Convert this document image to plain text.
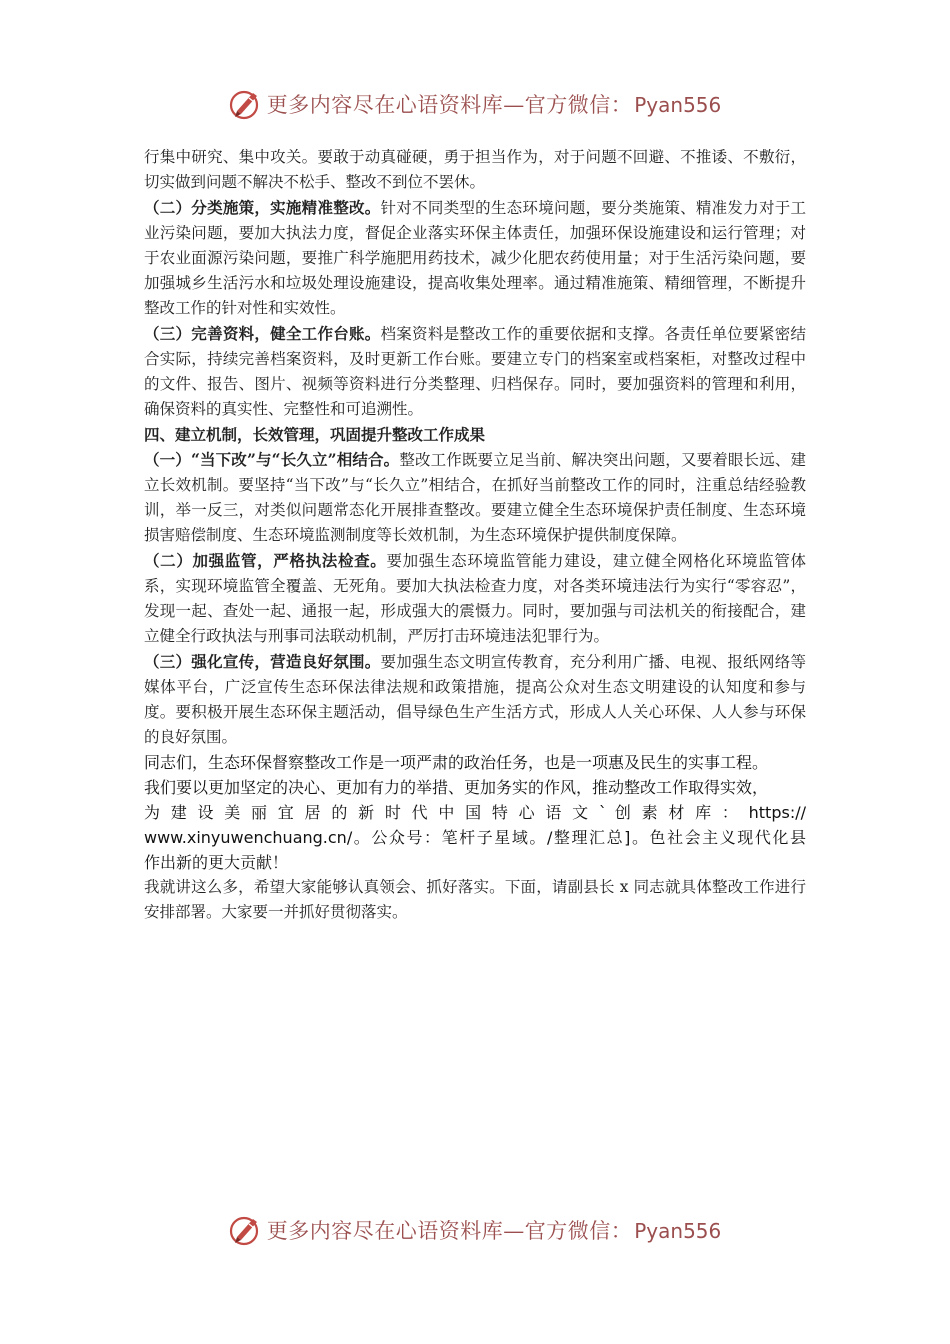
更多内容尽在心语资料库—官方微信： Pyan556

行集中研究、集中攻关。要敢于动真碰硬，勇于担当作为，对于问题不回避、不推诿、不敷衍，切实做到问题不解决不松手、整改不到位不罢休。

（二）分类施策，实施精准整改。针对不同类型的生态环境问题，要分类施策、精准发力对于工业污染问题，要加大执法力度，督促企业落实环保主体责任，加强环保设施建设和运行管理；对于农业面源污染问题，要推广科学施肥用药技术，减少化肥农药使用量；对于生活污染问题，要加强城乡生活污水和垃圾处理设施建设，提高收集处理率。通过精准施策、精细管理，不断提升整改工作的针对性和实效性。

（三）完善资料，健全工作台账。档案资料是整改工作的重要依据和支撑。各责任单位要紧密结合实际，持续完善档案资料，及时更新工作台账。要建立专门的档案室或档案柜，对整改过程中的文件、报告、图片、视频等资料进行分类整理、归档保存。同时，要加强资料的管理和利用，确保资料的真实性、完整性和可追溯性。

四、建立机制，长效管理，巩固提升整改工作成果

（一）“当下改”与“长久立”相结合。整改工作既要立足当前、解决突出问题，又要着眼长远、建立长效机制。要坚持“当下改”与“长久立”相结合，在抓好当前整改工作的同时，注重总结经验教训，举一反三，对类似问题常态化开展排查整改。要建立健全生态环境保护责任制度、生态环境损害赔偿制度、生态环境监测制度等长效机制，为生态环境保护提供制度保障。

（二）加强监管，严格执法检查。要加强生态环境监管能力建设，建立健全网格化环境监管体系，实现环境监管全覆盖、无死角。要加大执法检查力度，对各类环境违法行为实行“零容忍”，发现一起、查处一起、通报一起，形成强大的震慑力。同时，要加强与司法机关的衔接配合，建立健全行政执法与刑事司法联动机制，严厉打击环境违法犯罪行为。

（三）强化宣传，营造良好氛围。要加强生态文明宣传教育，充分利用广播、电视、报纸网络等媒体平台，广泛宣传生态环保法律法规和政策措施，提高公众对生态文明建设的认知度和参与度。要积极开展生态环保主题活动，倡导绿色生产生活方式，形成人人关心环保、人人参与环保的良好氛围。

同志们，生态环保督察整改工作是一项严肃的政治任务，也是一项惠及民生的实事工程。
我们要以更加坚定的决心、更加有力的举措、更加务实的作风，推动整改工作取得实效，
为 建 设 美 丽 宜 居 的 新 时 代 中 国 特 心 语 文 ` 创 素 材 库 ： https://
www.xinyuwenchuang.cn/。公众号：笔杆子星域。/整理汇总]。色社会主义现代化县
作出新的更大贡献！

我就讲这么多，希望大家能够认真领会、抓好落实。下面，请副县长 x 同志就具体整改工作进行安排部署。大家要一并抓好贯彻落实。

更多内容尽在心语资料库—官方微信： Pyan556
